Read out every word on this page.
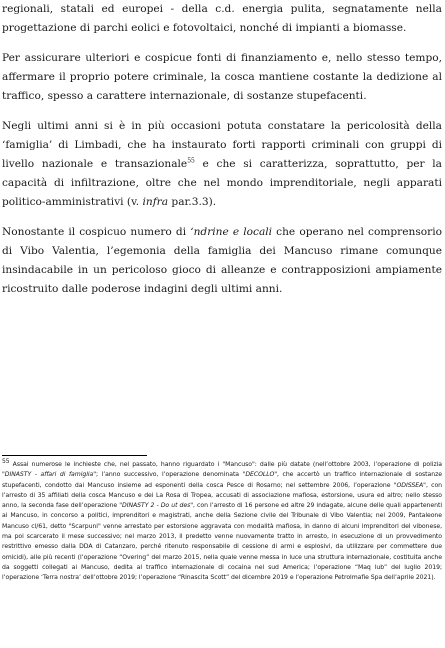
regionali, statali ed europei - della c.d. energia pulita, segnatamente nella progettazione di parchi eolici e fotovoltaici, nonché di impianti a biomasse.

Per assicurare ulteriori e cospicue fonti di finanziamento e, nello stesso tempo, affermare il proprio potere criminale, la cosca mantiene costante la dedizione al traffico, spesso a carattere internazionale, di sostanze stupefacenti.

Negli ultimi anni si è in più occasioni potuta constatare la pericolosità della ‘famiglia’ di Limbadi, che ha instaurato forti rapporti criminali con gruppi di livello nazionale e transazionale$^{55}$ e che si caratterizza, soprattutto, per la capacità di infiltrazione, oltre che nel mondo imprenditoriale, negli apparati politico-amministrativi (v. infra par.3.3).

Nonostante il cospicuo numero di ‘ndrine e locali che operano nel comprensorio di Vibo Valentia, l’egemonia della famiglia dei Mancuso rimane comunque insindacabile in un pericoloso gioco di alleanze e contrapposizioni ampiamente ricostruito dalle poderose indagini degli ultimi anni.

$^{55}$ Assai numerose le inchieste che, nel passato, hanno riguardato i "Mancuso": dalle più datate (nell’ottobre 2003, l’operazione di polizia "DINASTY - affari di famiglia"; l’anno successivo, l’operazione denominata "DECOLLO", che accertò un traffico internazionale di sostanze stupefacenti, condotto dai Mancuso insieme ad esponenti della cosca Pesce di Rosarno; nel settembre 2006, l’operazione "ODISSEA", con l’arresto di 35 affiliati della cosca Mancuso e dei La Rosa di Tropea, accusati di associazione mafiosa, estorsione, usura ed altro; nello stesso anno, la seconda fase dell’operazione "DINASTY 2 - Do ut des", con l’arresto di 16 persone ed altre 29 indagate, alcune delle quali appartenenti ai Mancuso, in concorso a politici, imprenditori e magistrati, anche della Sezione civile del Tribunale di Vibo Valentia; nel 2009, Pantaleone Mancuso cl/61, detto "Scarpuni" venne arrestato per estorsione aggravata con modalità mafiosa, in danno di alcuni imprenditori del vibonese, ma poi scarcerato il mese successivo; nel marzo 2013, il predetto venne nuovamente tratto in arresto, in esecuzione di un provvedimento restrittivo emesso dalla DDA di Catanzaro, perché ritenuto responsabile di cessione di armi e esplosivi, da utilizzare per commettere due omicidi), alle più recenti (l’operazione “Overing” del marzo 2015, nella quale venne messa in luce una struttura internazionale, costituita anche da soggetti collegati ai Mancuso, dedita al traffico internazionale di cocaina nel sud America; l’operazione “Maq lub” del luglio 2019; l’operazione ‘Terra nostra’ dell’ottobre 2019; l’operazione “Rinascita Scott” del dicembre 2019 e l’operazione Petrolmafie Spa dell’aprile 2021).
